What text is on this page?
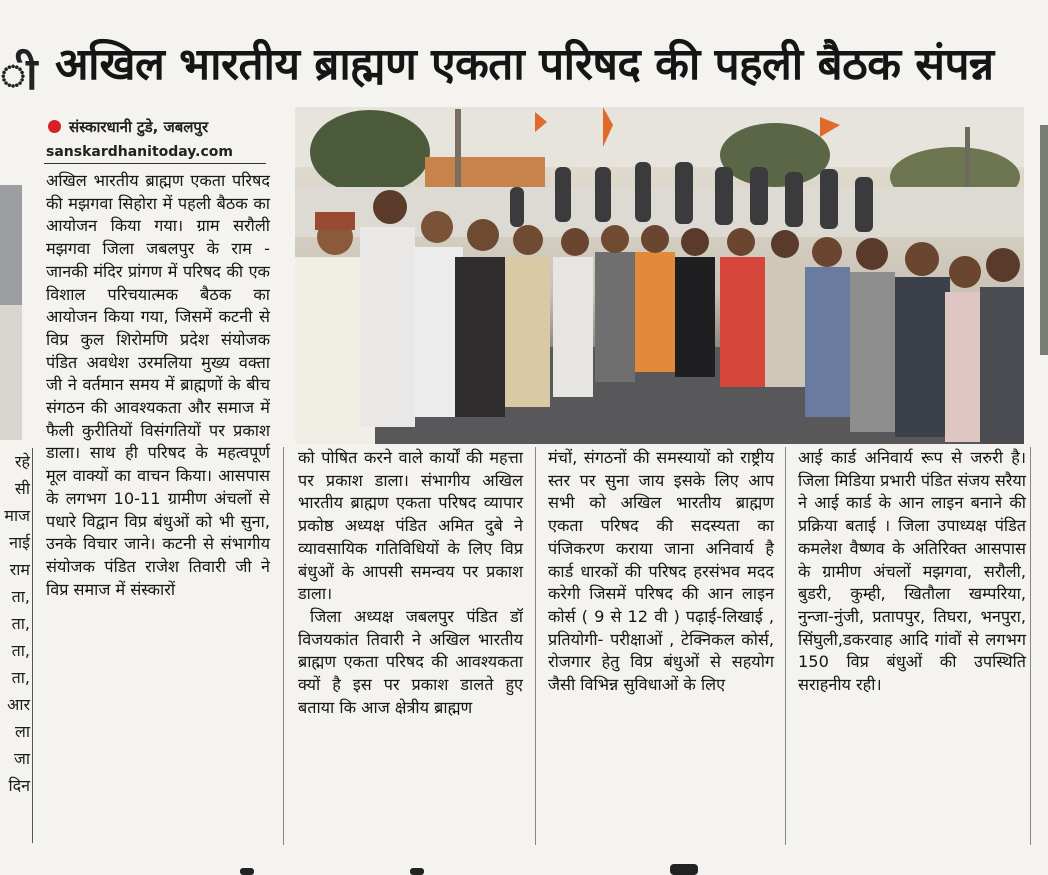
ी
रहे
सी
माज
नाई
राम
ता,
ता,
ता,
ता,
आर
ला
जा
दिन
अखिल भारतीय ब्राह्मण एकता परिषद की पहली बैठक संपन्न
संस्कारधानी टुडे, जबलपुर
sanskardhanitoday.com

अखिल भारतीय ब्राह्मण एकता परिषद की मझगवा सिहोरा में पहली बैठक का आयोजन किया गया। ग्राम सरौली मझगवा जिला जबलपुर के राम - जानकी मंदिर प्रांगण में परिषद की एक विशाल परिचयात्मक बैठक का आयोजन किया गया, जिसमें कटनी से विप्र कुल शिरोमणि प्रदेश संयोजक पंडित अवधेश उरमलिया मुख्य वक्ता जी ने वर्तमान समय में ब्राह्मणों के बीच संगठन की आवश्यकता और समाज में फैली कुरीतियों विसंगतियों पर प्रकाश डाला। साथ ही परिषद के महत्वपूर्ण मूल वाक्यों का वाचन किया। आसपास के लगभग 10-11 ग्रामीण अंचलों से पधारे विद्वान विप्र बंधुओं को भी सुना, उनके विचार जाने। कटनी से संभागीय संयोजक पंडित राजेश तिवारी जी ने विप्र समाज में संस्कारों

को पोषित करने वाले कार्यों की महत्ता पर प्रकाश डाला। संभागीय अखिल भारतीय ब्राह्मण एकता परिषद व्यापार प्रकोष्ठ अध्यक्ष पंडित अमित दुबे ने व्यावसायिक गतिविधियों के लिए विप्र बंधुओं के आपसी समन्वय पर प्रकाश डाला।

जिला अध्यक्ष जबलपुर पंडित डॉ विजयकांत तिवारी ने अखिल भारतीय ब्राह्मण एकता परिषद की आवश्यकता क्यों है इस पर प्रकाश डालते हुए बताया कि आज क्षेत्रीय ब्राह्मण

मंचों, संगठनों की समस्यायों को राष्ट्रीय स्तर पर सुना जाय इसके लिए आप सभी को अखिल भारतीय ब्राह्मण एकता परिषद की सदस्यता का पंजिकरण कराया जाना अनिवार्य है कार्ड धारकों की परिषद हरसंभव मदद करेगी जिसमें परिषद की आन लाइन कोर्स ( 9 से 12 वी ) पढ़ाई-लिखाई , प्रतियोगी- परीक्षाओं , टेक्निकल कोर्स, रोजगार हेतु विप्र बंधुओं से सहयोग जैसी विभिन्न सुविधाओं के लिए

आई कार्ड अनिवार्य रूप से जरुरी है। जिला मिडिया प्रभारी पंडित संजय सरैया ने आई कार्ड के आन लाइन बनाने की प्रक्रिया बताई । जिला उपाध्यक्ष पंडित कमलेश वैष्णव के अतिरिक्त आसपास के ग्रामीण अंचलों मझगवा, सरौली, बुडरी, कुम्ही, खितौला खम्परिया, नुन्जा-नुंजी, प्रतापपुर, तिघरा, भनपुरा, सिंघुली,डकरवाह आदि गांवों से लगभग 150 विप्र बंधुओं की उपस्थिति सराहनीय रही।
